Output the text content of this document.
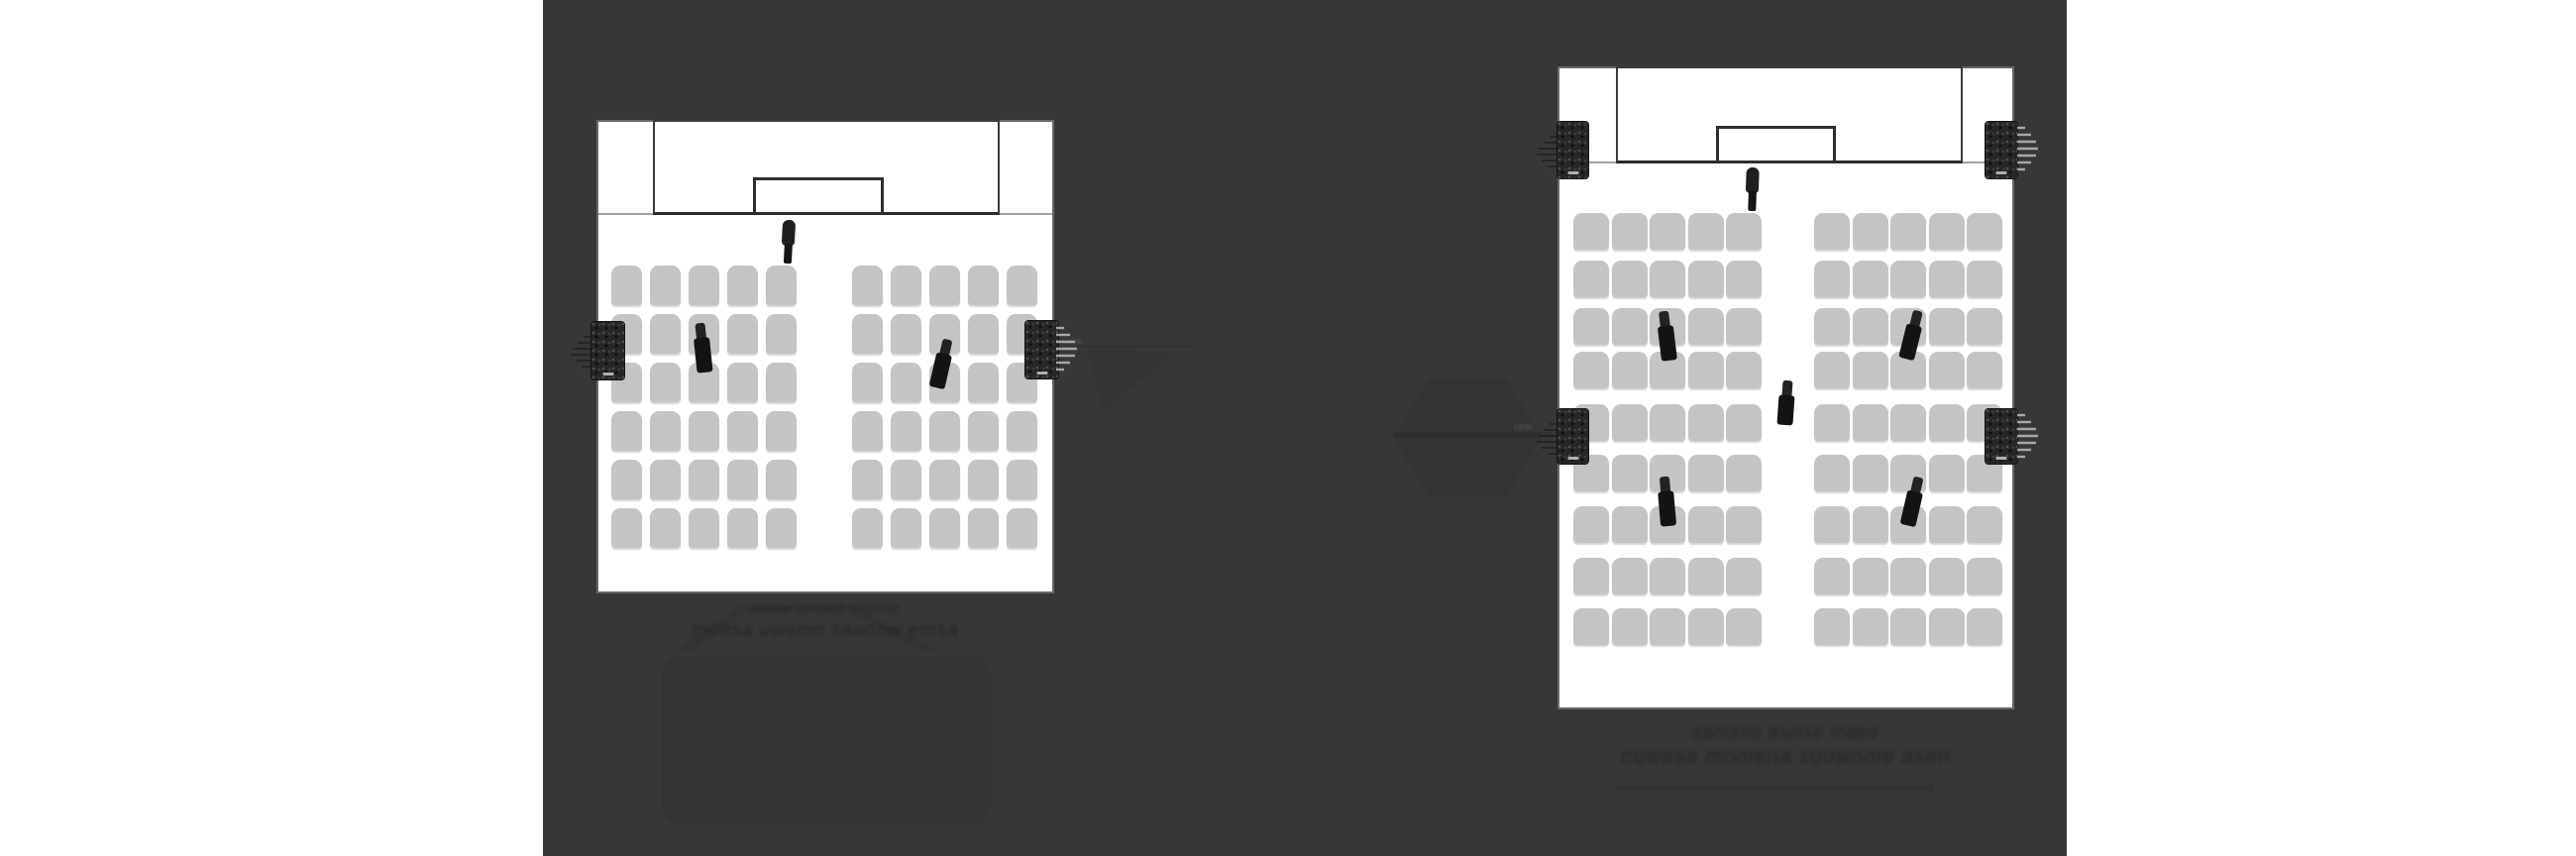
ım
ıom
unme snowa musne
monsa uwenm sauonw emsa
sameno wunse maeo
nuwesa momena suownme asen
